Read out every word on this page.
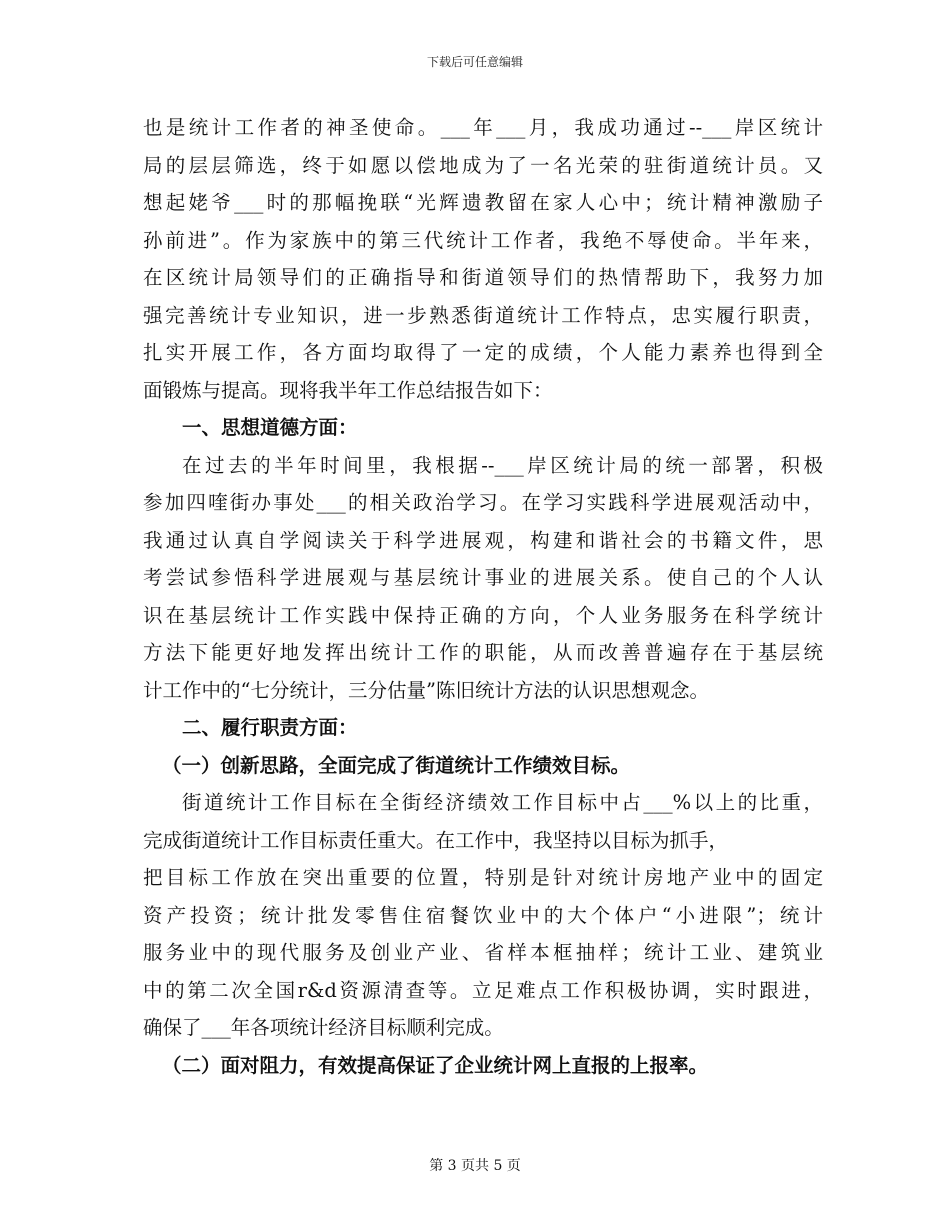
下载后可任意编辑
也是统计工作者的神圣使命。___年___月，我成功通过--___岸区统计
局的层层筛选，终于如愿以偿地成为了一名光荣的驻街道统计员。又
想起姥爷___时的那幅挽联“光辉遗教留在家人心中；统计精神激励子
孙前进”。作为家族中的第三代统计工作者，我绝不辱使命。半年来，
在区统计局领导们的正确指导和街道领导们的热情帮助下，我努力加
强完善统计专业知识，进一步熟悉街道统计工作特点，忠实履行职责，
扎实开展工作，各方面均取得了一定的成绩，个人能力素养也得到全
面锻炼与提高。现将我半年工作总结报告如下：
一、思想道德方面：
在过去的半年时间里，我根据--___岸区统计局的统一部署，积极
参加四喹街办事处___的相关政治学习。在学习实践科学进展观活动中，
我通过认真自学阅读关于科学进展观，构建和谐社会的书籍文件，思
考尝试参悟科学进展观与基层统计事业的进展关系。使自己的个人认
识在基层统计工作实践中保持正确的方向，个人业务服务在科学统计
方法下能更好地发挥出统计工作的职能，从而改善普遍存在于基层统
计工作中的“七分统计，三分估量”陈旧统计方法的认识思想观念。
二、履行职责方面：
（一）创新思路，全面完成了街道统计工作绩效目标。
街道统计工作目标在全街经济绩效工作目标中占___%以上的比重，
完成街道统计工作目标责任重大。在工作中，我坚持以目标为抓手，
把目标工作放在突出重要的位置，特别是针对统计房地产业中的固定
资产投资；统计批发零售住宿餐饮业中的大个体户“小进限”；统计
服务业中的现代服务及创业产业、省样本框抽样；统计工业、建筑业
中的第二次全国r&d资源清查等。立足难点工作积极协调，实时跟进，
确保了___年各项统计经济目标顺利完成。
（二）面对阻力，有效提高保证了企业统计网上直报的上报率。
第 3 页共 5 页
